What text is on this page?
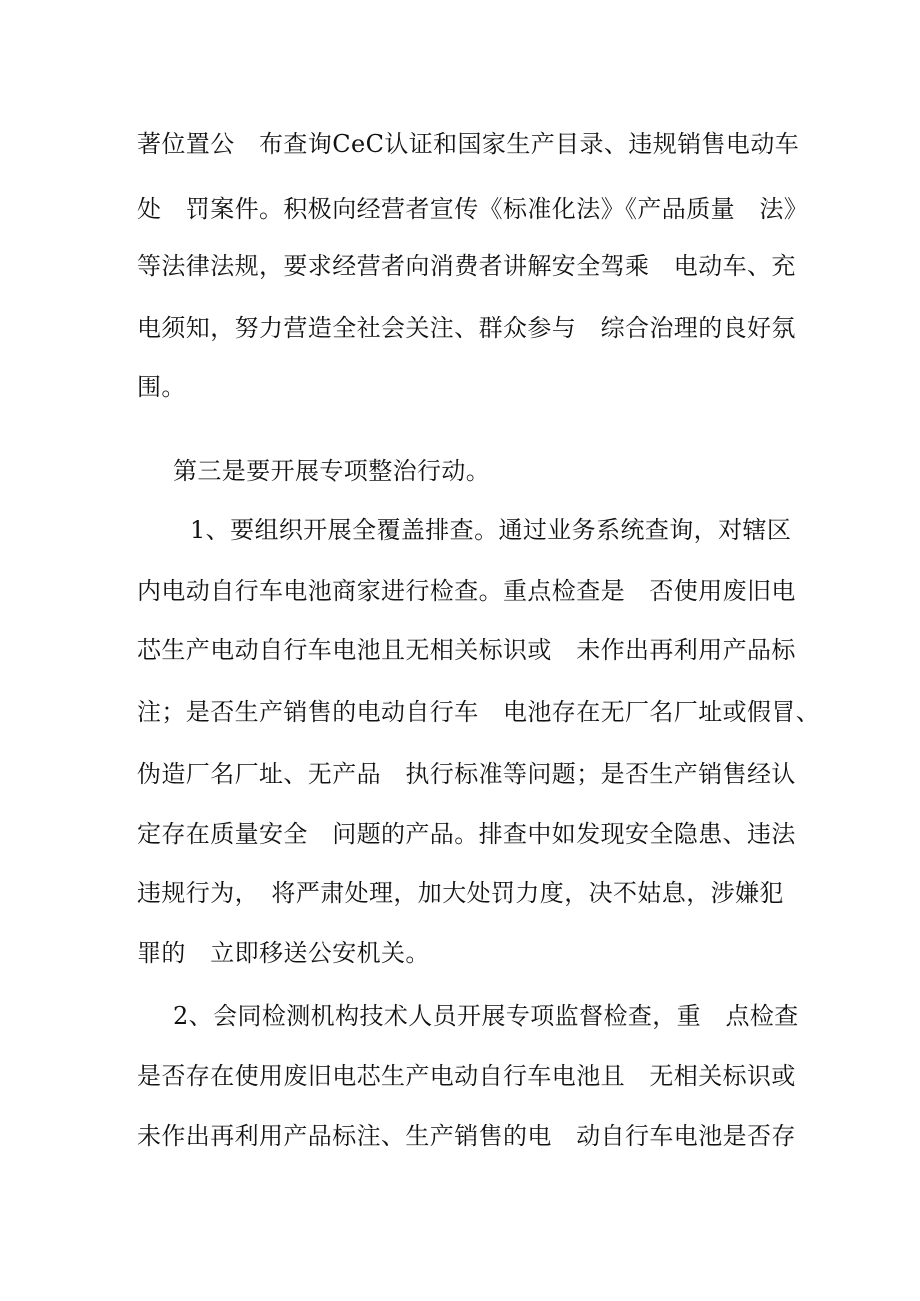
著位置公　布查询CeC认证和国家生产目录、违规销售电动车
处　罚案件。积极向经营者宣传《标准化法》《产品质量　法》
等法律法规，要求经营者向消费者讲解安全驾乘　电动车、充
电须知，努力营造全社会关注、群众参与　综合治理的良好氛
围。
第三是要开展专项整治行动。
1、要组织开展全覆盖排查。通过业务系统查询，对辖区
内电动自行车电池商家进行检查。重点检查是　否使用废旧电
芯生产电动自行车电池且无相关标识或　未作出再利用产品标
注；是否生产销售的电动自行车　电池存在无厂名厂址或假冒、
伪造厂名厂址、无产品　执行标准等问题；是否生产销售经认
定存在质量安全　问题的产品。排查中如发现安全隐患、违法
违规行为，　将严肃处理，加大处罚力度，决不姑息，涉嫌犯
罪的　立即移送公安机关。
2、会同检测机构技术人员开展专项监督检查，重　点检查
是否存在使用废旧电芯生产电动自行车电池且　无相关标识或
未作出再利用产品标注、生产销售的电　动自行车电池是否存
